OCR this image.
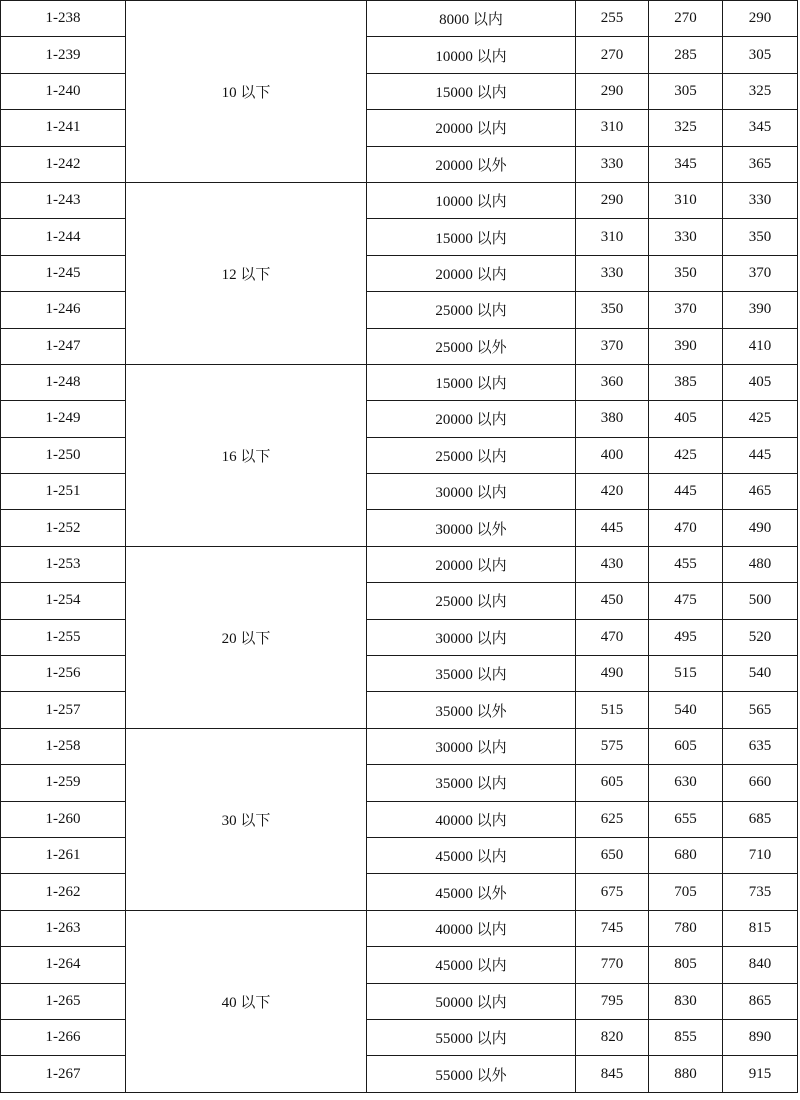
1-238	10 以下	8000 以内	255	270	290
1-239		10000 以内	270	285	305
1-240		15000 以内	290	305	325
1-241		20000 以内	310	325	345
1-242		20000 以外	330	345	365
1-243	12 以下	10000 以内	290	310	330
1-244		15000 以内	310	330	350
1-245		20000 以内	330	350	370
1-246		25000 以内	350	370	390
1-247		25000 以外	370	390	410
1-248	16 以下	15000 以内	360	385	405
1-249		20000 以内	380	405	425
1-250		25000 以内	400	425	445
1-251		30000 以内	420	445	465
1-252		30000 以外	445	470	490
1-253	20 以下	20000 以内	430	455	480
1-254		25000 以内	450	475	500
1-255		30000 以内	470	495	520
1-256		35000 以内	490	515	540
1-257		35000 以外	515	540	565
1-258	30 以下	30000 以内	575	605	635
1-259		35000 以内	605	630	660
1-260		40000 以内	625	655	685
1-261		45000 以内	650	680	710
1-262		45000 以外	675	705	735
1-263	40 以下	40000 以内	745	780	815
1-264		45000 以内	770	805	840
1-265		50000 以内	795	830	865
1-266		55000 以内	820	855	890
1-267		55000 以外	845	880	915
